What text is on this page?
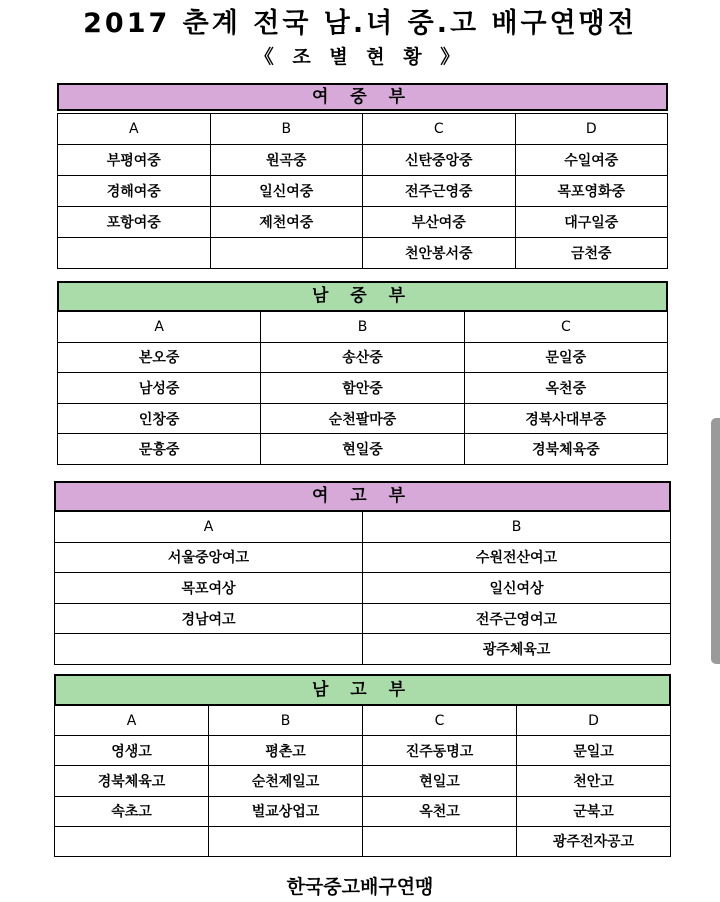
2017 춘계 전국 남.녀 중.고 배구연맹전
《 조 별 현 황 》
여 중 부
A	B	C	D
부평여중	원곡중	신탄중앙중	수일여중
경해여중	일신여중	전주근영중	목포영화중
포항여중	제천여중	부산여중	대구일중
		천안봉서중	금천중
남 중 부
A	B	C
본오중	송산중	문일중
남성중	함안중	옥천중
인창중	순천팔마중	경북사대부중
문흥중	현일중	경북체육중
여 고 부
A	B
서울중앙여고	수원전산여고
목포여상	일신여상
경남여고	전주근영여고
	광주체육고
남 고 부
A	B	C	D
영생고	평촌고	진주동명고	문일고
경북체육고	순천제일고	현일고	천안고
속초고	벌교상업고	옥천고	군북고
			광주전자공고
한국중고배구연맹
